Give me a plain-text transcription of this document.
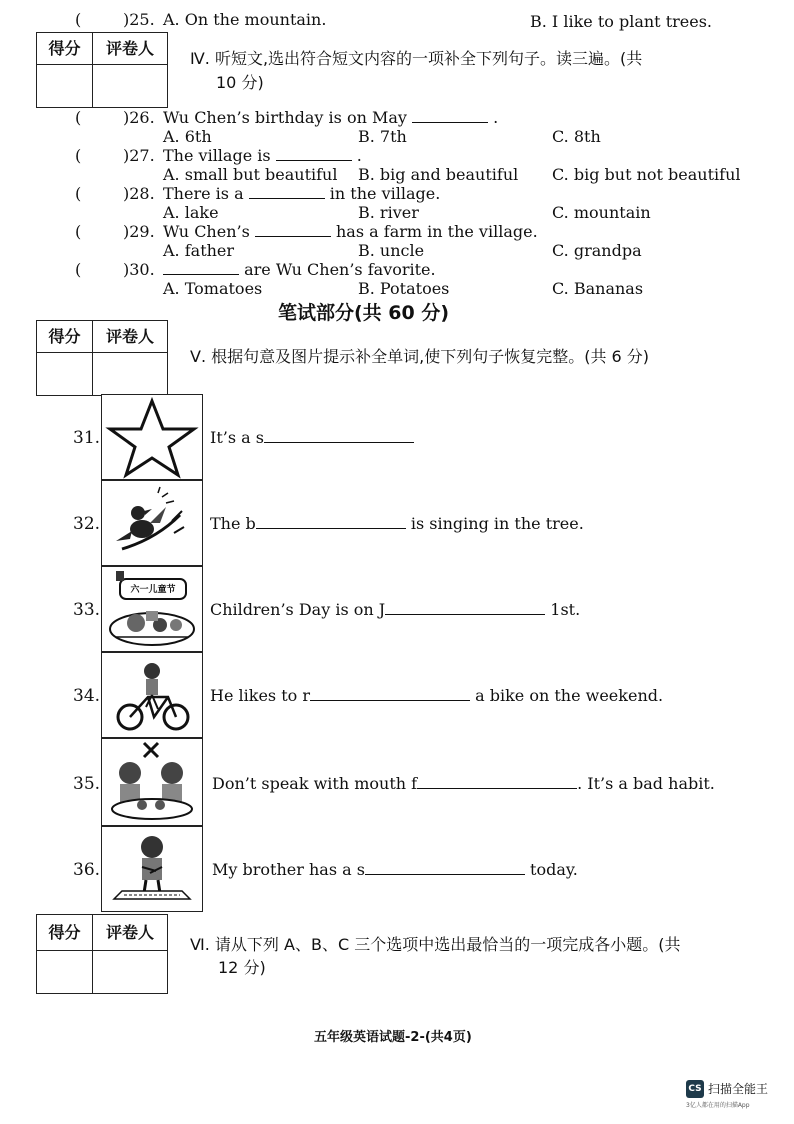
(	)25. A. On the mountain.	B. I like to plant trees.
得分	评卷人
Ⅳ. 听短文,选出符合短文内容的一项补全下列句子。读三遍。(共
10 分)
(	)26. Wu Chen’s birthday is on May	.
A. 6th	B. 7th	C. 8th
(	)27. The village is	.
A. small but beautiful B. big and beautiful C. big but not beautiful
(	)28. There is a	in the village.
A. lake	B. river	C. mountain
(	)29. Wu Chen’s	has a farm in the village.
A. father	B. uncle	C. grandpa
(	)30.	are Wu Chen’s favorite.
A. Tomatoes	B. Potatoes	C. Bananas
笔试部分(共 60 分)
得分	评卷人
Ⅴ. 根据句意及图片提示补全单词,使下列句子恢复完整。(共 6 分)
31.	It’s a s
32.	The b	is singing in the tree.
33.
六一儿童节
Children’s Day is on J	1st.
34.	He likes to r	a bike on the weekend.
35.	Don’t speak with mouth f	. It’s a bad habit.
36.	My brother has a s	today.
得分	评卷人
Ⅵ. 请从下列 A、B、C 三个选项中选出最恰当的一项完成各小题。(共
12 分)
五年级英语试题-2-(共4页)
CS 扫描全能王
3亿人都在用的扫描App
